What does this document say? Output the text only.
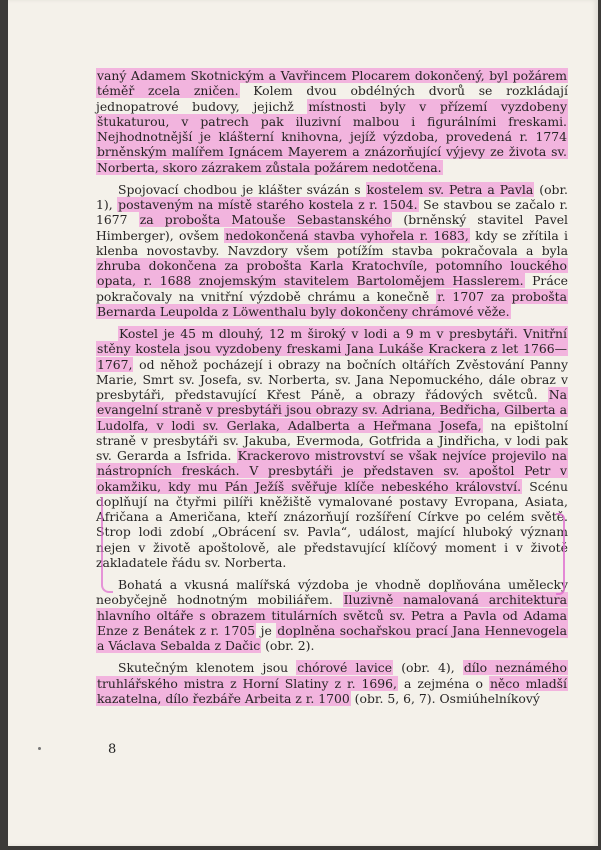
vaný Adamem Skotnickým a Vavřincem Plocarem dokončený, byl požárem téměř zcela zničen. Kolem dvou obdélných dvorů se rozkládají jednopatrové budovy, jejichž místnosti byly v přízemí vyzdobeny štukaturou, v patrech pak iluzivní malbou i figurálními freskami. Nejhodnotnější je klášterní knihovna, jejíž výzdoba, provedená r. 1774 brněnským malířem Ignácem Mayerem a znázorňující výjevy ze života sv. Norberta, skoro zázrakem zůstala požárem nedotčena.

Spojovací chodbou je klášter svázán s kostelem sv. Petra a Pavla (obr. 1), postaveným na místě starého kostela z r. 1504. Se stavbou se začalo r. 1677 za probošta Matouše Sebastanského (brněnský stavitel Pavel Himberger), ovšem nedokončená stavba vyhořela r. 1683, kdy se zřítila i klenba novostavby. Navzdory všem potížím stavba pokračovala a byla zhruba dokončena za probošta Karla Kratochvíle, potomního louckého opata, r. 1688 znojemským stavitelem Bartolomějem Hasslerem. Práce pokračovaly na vnitřní výzdobě chrámu a konečně r. 1707 za probošta Bernarda Leupolda z Löwenthalu byly dokončeny chrámové věže.

Kostel je 45 m dlouhý, 12 m široký v lodi a 9 m v presbytáři. Vnitřní stěny kostela jsou vyzdobeny freskami Jana Lukáše Krackera z let 1766—1767, od něhož pocházejí i obrazy na bočních oltářích Zvěstování Panny Marie, Smrt sv. Josefa, sv. Norberta, sv. Jana Nepomuckého, dále obraz v presbytáři, představující Křest Páně, a obrazy řádových světců. Na evangelní straně v presbytáři jsou obrazy sv. Adriana, Bedřicha, Gilberta a Ludolfa, v lodi sv. Gerlaka, Adalberta a Heřmana Josefa, na epištolní straně v presbytáři sv. Jakuba, Evermoda, Gotfrida a Jindřicha, v lodi pak sv. Gerarda a Isfrida. Krackerovo mistrovství se však nejvíce projevilo na nástropních freskách. V presbytáři je představen sv. apoštol Petr v okamžiku, kdy mu Pán Ježíš svěřuje klíče nebeského království. Scénu doplňují na čtyřmi pilíři kněžiště vymalované postavy Evropana, Asiata, Afričana a Američana, kteří znázorňují rozšíření Církve po celém světě. Strop lodi zdobí „Obrácení sv. Pavla“, událost, mající hluboký význam nejen v životě apoštolově, ale představující klíčový moment i v životě zakladatele řádu sv. Norberta.

Bohatá a vkusná malířská výzdoba je vhodně doplňována umělecky neobyčejně hodnotným mobiliářem. Iluzivně namalovaná architektura hlavního oltáře s obrazem titulárních světců sv. Petra a Pavla od Adama Enze z Benátek z r. 1705 je doplněna sochařskou prací Jana Hennevogela a Václava Sebalda z Dačic (obr. 2).

Skutečným klenotem jsou chórové lavice (obr. 4), dílo neznámého truhlářského mistra z Horní Slatiny z r. 1696, a zejména o něco mladší kazatelna, dílo řezbáře Arbeita z r. 1700 (obr. 5, 6, 7). Osmiúhelníkový

8
